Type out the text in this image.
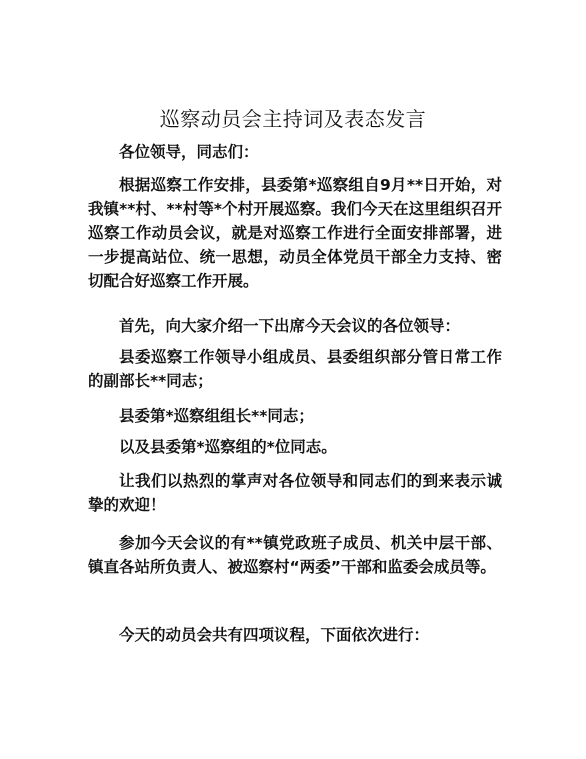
巡察动员会主持词及表态发言

各位领导，同志们：

根据巡察工作安排，县委第*巡察组自9月**日开始，对我镇**村、**村等*个村开展巡察。我们今天在这里组织召开巡察工作动员会议，就是对巡察工作进行全面安排部署，进一步提高站位、统一思想，动员全体党员干部全力支持、密切配合好巡察工作开展。

首先，向大家介绍一下出席今天会议的各位领导：

县委巡察工作领导小组成员、县委组织部分管日常工作的副部长**同志；

县委第*巡察组组长**同志；

以及县委第*巡察组的*位同志。

让我们以热烈的掌声对各位领导和同志们的到来表示诚挚的欢迎！

参加今天会议的有**镇党政班子成员、机关中层干部、镇直各站所负责人、被巡察村“两委”干部和监委会成员等。

今天的动员会共有四项议程，下面依次进行：
